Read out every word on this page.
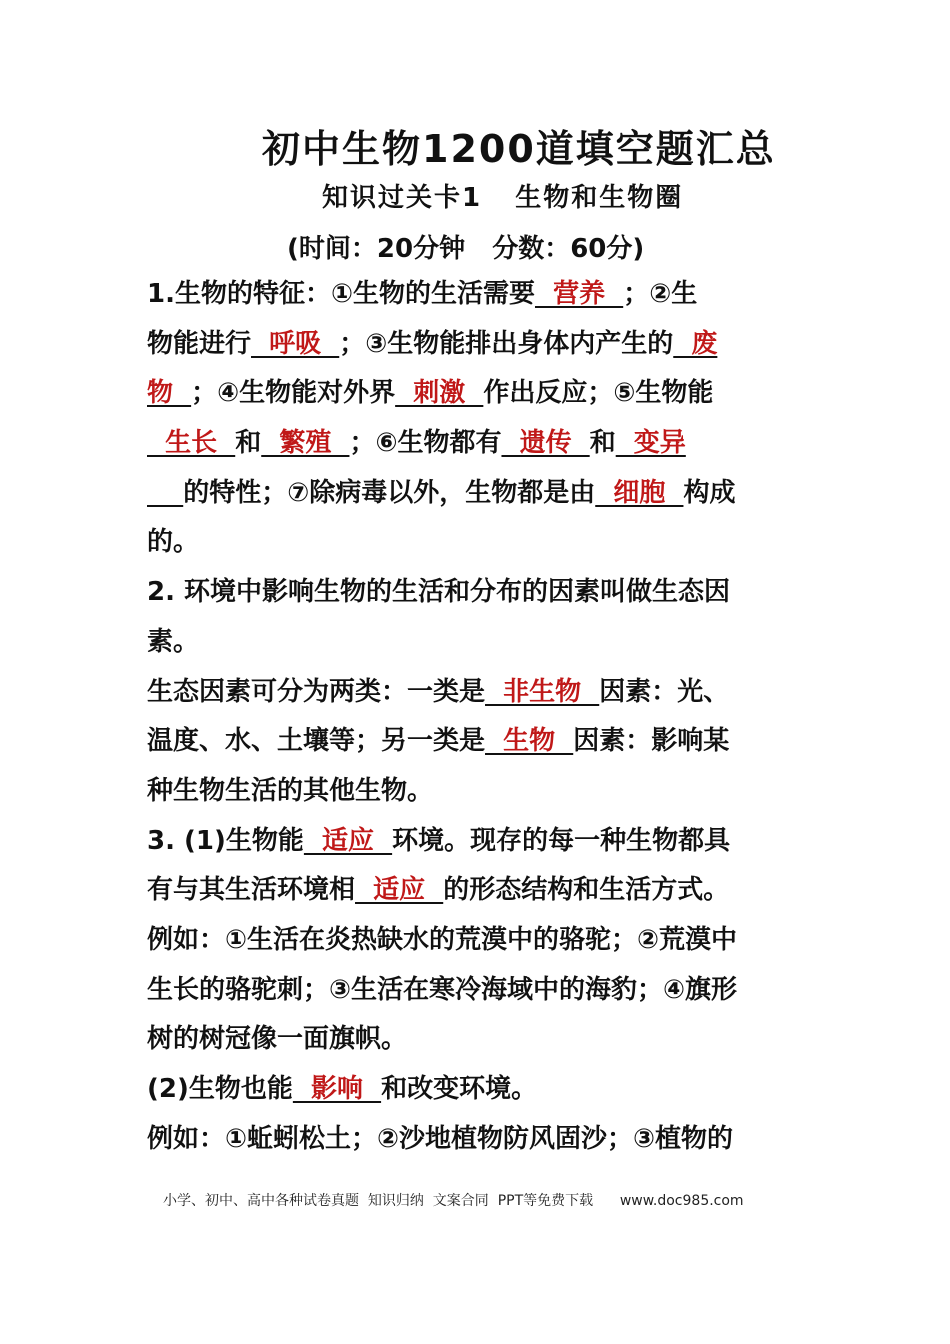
初中生物1200道填空题汇总
知识过关卡1   生物和生物圈
(时间：20分钟   分数：60分)
1.生物的特征：①生物的生活需要  营养  ；②生
物能进行  呼吸  ；③生物能排出身体内产生的  废
物  ；④生物能对外界  刺激  作出反应；⑤生物能
生长  和  繁殖  ；⑥生物都有  遗传  和  变异
的特性；⑦除病毒以外，生物都是由  细胞  构成
的。
2. 环境中影响生物的生活和分布的因素叫做生态因
素。
生态因素可分为两类：一类是  非生物  因素：光、
温度、水、土壤等；另一类是  生物  因素：影响某
种生物生活的其他生物。
3. (1)生物能  适应  环境。现存的每一种生物都具
有与其生活环境相  适应  的形态结构和生活方式。
例如：①生活在炎热缺水的荒漠中的骆驼；②荒漠中
生长的骆驼刺；③生活在寒冷海域中的海豹；④旗形
树的树冠像一面旗帜。
(2)生物也能  影响  和改变环境。
例如：①蚯蚓松土；②沙地植物防风固沙；③植物的
小学、初中、高中各种试卷真题  知识归纳  文案合同  PPT等免费下载      www.doc985.com
